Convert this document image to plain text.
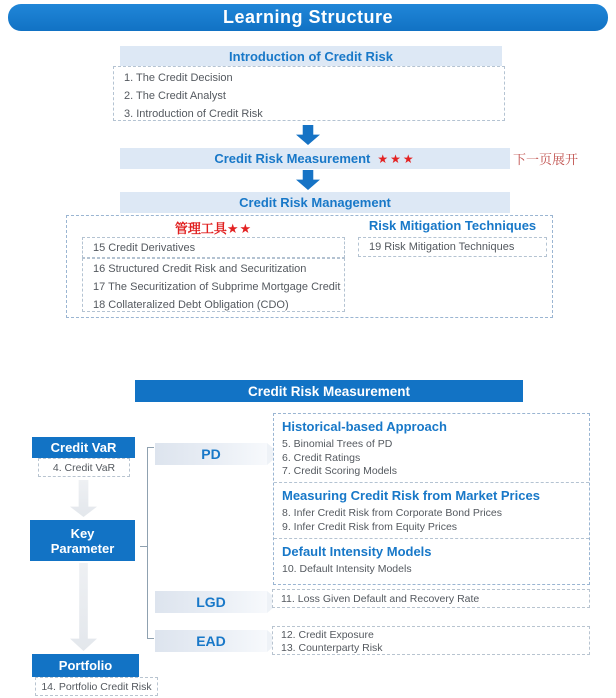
Learning Structure
Introduction of Credit Risk
1. The Credit Decision
2. The Credit Analyst
3. Introduction of Credit Risk
Credit Risk Measurement ★★★	下一页展开
Credit Risk Management
管理工具★★	Risk Mitigation Techniques
15 Credit Derivatives
16 Structured Credit Risk and Securitization
17 The Securitization of Subprime Mortgage Credit
18 Collateralized Debt Obligation (CDO)
19 Risk Mitigation Techniques
Credit Risk Measurement
Credit VaR
4. Credit VaR
Key Parameter
Portfolio
14. Portfolio Credit Risk
PD
LGD
EAD
Historical-based Approach
5. Binomial Trees of PD
6. Credit Ratings
7. Credit Scoring Models
Measuring Credit Risk from Market Prices
8. Infer Credit Risk from Corporate Bond Prices
9. Infer Credit Risk from Equity Prices
Default Intensity Models
10. Default Intensity Models
11. Loss Given Default and Recovery Rate
12. Credit Exposure
13. Counterparty Risk
